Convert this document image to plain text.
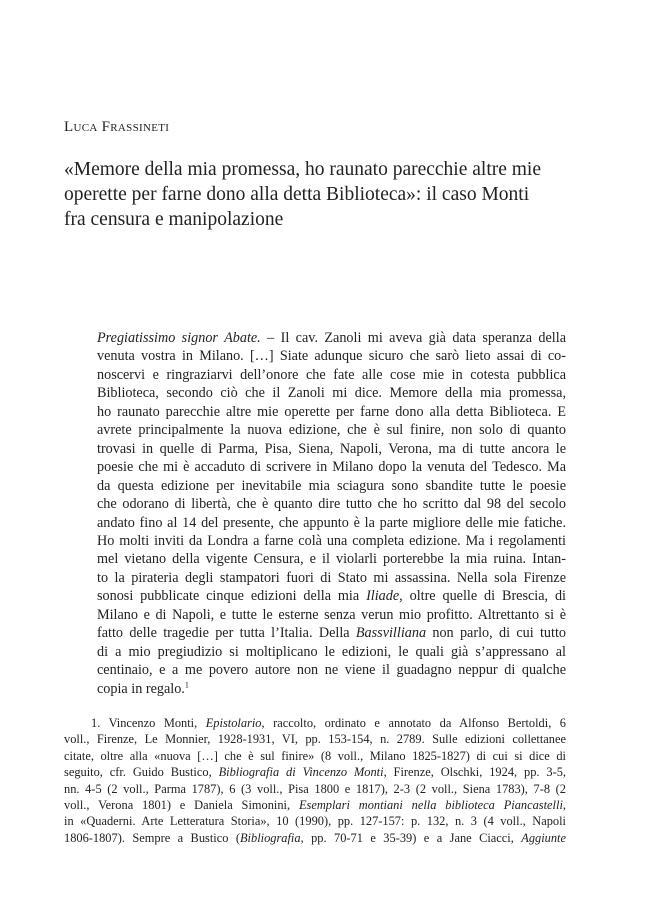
Luca Frassineti
«Memore della mia promessa, ho raunato parecchie altre mie
operette per farne dono alla detta Biblioteca»: il caso Monti
fra censura e manipolazione
Pregiatissimo signor Abate. – Il cav. Zanoli mi aveva già data speranza della
venuta vostra in Milano. […] Siate adunque sicuro che sarò lieto assai di co-
noscervi e ringraziarvi dell’onore che fate alle cose mie in cotesta pubblica
Biblioteca, secondo ciò che il Zanoli mi dice. Memore della mia promessa,
ho raunato parecchie altre mie operette per farne dono alla detta Biblioteca. E
avrete principalmente la nuova edizione, che è sul finire, non solo di quanto
trovasi in quelle di Parma, Pisa, Siena, Napoli, Verona, ma di tutte ancora le
poesie che mi è accaduto di scrivere in Milano dopo la venuta del Tedesco. Ma
da questa edizione per inevitabile mia sciagura sono sbandite tutte le poesie
che odorano di libertà, che è quanto dire tutto che ho scritto dal 98 del secolo
andato fino al 14 del presente, che appunto è la parte migliore delle mie fatiche.
Ho molti inviti da Londra a farne colà una completa edizione. Ma i regolamenti
mel vietano della vigente Censura, e il violarli porterebbe la mia ruina. Intan-
to la pirateria degli stampatori fuori di Stato mi assassina. Nella sola Firenze
sonosi pubblicate cinque edizioni della mia Iliade, oltre quelle di Brescia, di
Milano e di Napoli, e tutte le esterne senza verun mio profitto. Altrettanto si è
fatto delle tragedie per tutta l’Italia. Della Bassvilliana non parlo, di cui tutto
di a mio pregiudizio si moltiplicano le edizioni, le quali già s’appressano al
centinaio, e a me povero autore non ne viene il guadagno neppur di qualche
copia in regalo.$^1$
1. Vincenzo Monti, Epistolario, raccolto, ordinato e annotato da Alfonso Bertoldi, 6
voll., Firenze, Le Monnier, 1928-1931, VI, pp. 153-154, n. 2789. Sulle edizioni collettanee
citate, oltre alla «nuova […] che è sul finire» (8 voll., Milano 1825-1827) di cui si dice di
seguito, cfr. Guido Bustico, Bibliografia di Vincenzo Monti, Firenze, Olschki, 1924, pp. 3-5,
nn. 4-5 (2 voll., Parma 1787), 6 (3 voll., Pisa 1800 e 1817), 2-3 (2 voll., Siena 1783), 7-8 (2
voll., Verona 1801) e Daniela Simonini, Esemplari montiani nella biblioteca Piancastelli,
in «Quaderni. Arte Letteratura Storia», 10 (1990), pp. 127-157: p. 132, n. 3 (4 voll., Napoli
1806-1807). Sempre a Bustico (Bibliografia, pp. 70-71 e 35-39) e a Jane Ciacci, Aggiunte
